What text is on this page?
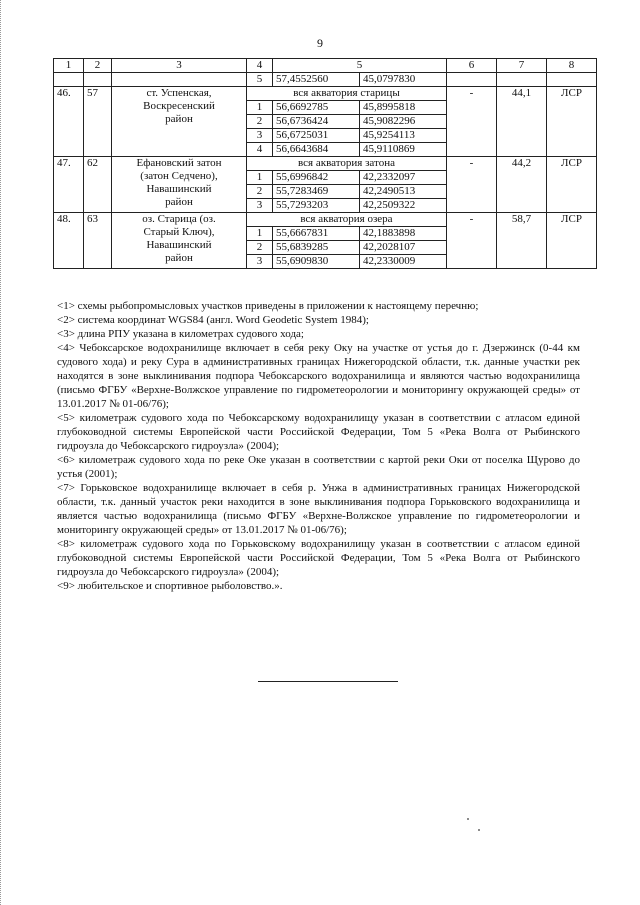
9
1	2	3	4	5		6	7	8
			5	57,4552560	45,0797830			
46.	57	ст. Успенская,
Воскресенский
район	вся акватория старицы			-	44,1	ЛСР
			1	56,6692785	45,8995818			
			2	56,6736424	45,9082296			
			3	56,6725031	45,9254113			
			4	56,6643684	45,9110869			
47.	62	Ефановский затон
(затон Седчено),
Навашинский
район	вся акватория затона			-	44,2	ЛСР
			1	55,6996842	42,2332097			
			2	55,7283469	42,2490513			
			3	55,7293203	42,2509322			
48.	63	оз. Старица (оз.
Старый Ключ),
Навашинский
район	вся акватория озера			-	58,7	ЛСР
			1	55,6667831	42,1883898			
			2	55,6839285	42,2028107			
			3	55,6909830	42,2330009			

<1> схемы рыбопромысловых участков приведены в приложении к настоящему перечню;

<2> система координат WGS84 (англ. Word Geodetic System 1984);

<3> длина РПУ указана в километрах судового хода;

<4> Чебоксарское водохранилище включает в себя реку Оку на участке от устья до г. Дзержинск (0-44 км судового хода) и реку Сура в административных границах Нижегородской области, т.к. данные участки рек находятся в зоне выклинивания подпора Чебоксарского водохранилища и являются частью водохранилища (письмо ФГБУ «Верхне-Волжское управление по гидрометеорологии и мониторингу окружающей среды» от 13.01.2017 № 01-06/76);

<5> километраж судового хода по Чебоксарскому водохранилищу указан в соответствии с атласом единой глубоководной системы Европейской части Российской Федерации, Том 5 «Река Волга от Рыбинского гидроузла до Чебоксарского гидроузла» (2004);

<6> километраж судового хода по реке Оке указан в соответствии с картой реки Оки от поселка Щурово до устья (2001);

<7> Горьковское водохранилище включает в себя р. Унжа в административных границах Нижегородской области, т.к. данный участок реки находится в зоне выклинивания подпора Горьковского водохранилища и является частью водохранилища (письмо ФГБУ «Верхне-Волжское управление по гидрометеорологии и мониторингу окружающей среды» от 13.01.2017 № 01-06/76);

<8> километраж судового хода по Горьковскому водохранилищу указан в соответствии с атласом единой глубоководной системы Европейской части Российской Федерации, Том 5 «Река Волга от Рыбинского гидроузла до Чебоксарского гидроузла» (2004);

<9> любительское и спортивное рыболовство.».
